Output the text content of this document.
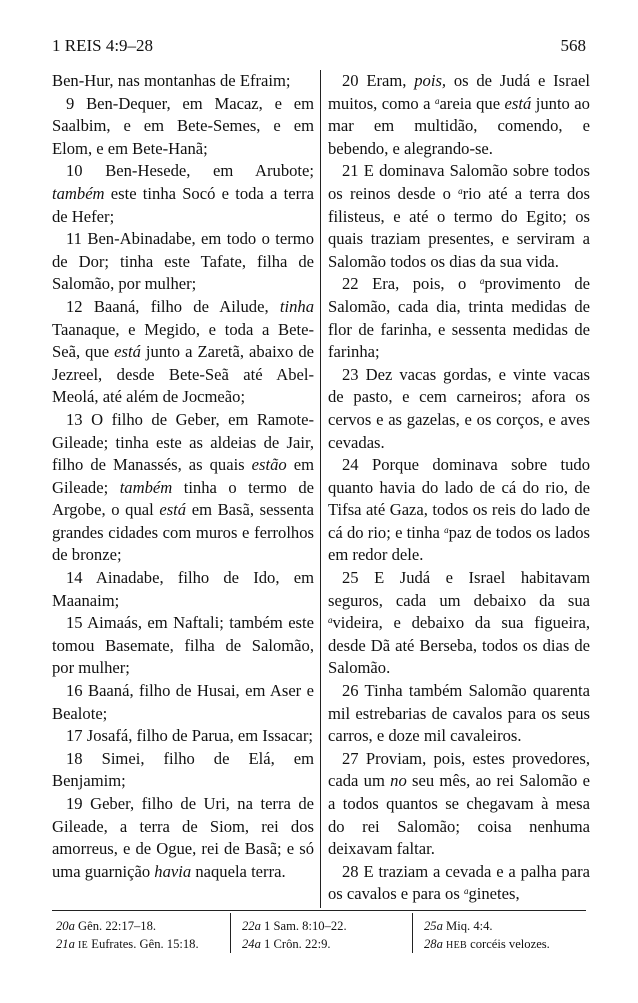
1 REIS 4:9–28	568

Ben-Hur, nas montanhas de Efraim;

9 Ben-Dequer, em Macaz, e em Saalbim, e em Bete-Semes, e em Elom, e em Bete-Hanã;

10 Ben-Hesede, em Arubote; também este tinha Socó e toda a terra de Hefer;

11 Ben-Abinadabe, em todo o termo de Dor; tinha este Tafate, filha de Salomão, por mulher;

12 Baaná, filho de Ailude, tinha Taanaque, e Megido, e toda a Bete-Seã, que está junto a Zaretã, abaixo de Jezreel, desde Bete-Seã até Abel-Meolá, até além de Jocmeão;

13 O filho de Geber, em Ramote-Gileade; tinha este as aldeias de Jair, filho de Manassés, as quais estão em Gileade; também tinha o termo de Argobe, o qual está em Basã, sessenta grandes cidades com muros e ferrolhos de bronze;

14 Ainadabe, filho de Ido, em Maanaim;

15 Aimaás, em Naftali; também este tomou Basemate, filha de Salomão, por mulher;

16 Baaná, filho de Husai, em Aser e Bealote;

17 Josafá, filho de Parua, em Issacar;

18 Simei, filho de Elá, em Benjamim;

19 Geber, filho de Uri, na terra de Gileade, a terra de Siom, rei dos amorreus, e de Ogue, rei de Basã; e só uma guarnição havia naquela terra.

20 Eram, pois, os de Judá e Israel muitos, como a $^a$areia que está junto ao mar em multidão, comendo, e bebendo, e alegrando-se.

21 E dominava Salomão sobre todos os reinos desde o $^a$rio até a terra dos filisteus, e até o termo do Egito; os quais traziam presentes, e serviram a Salomão todos os dias da sua vida.

22 Era, pois, o $^a$provimento de Salomão, cada dia, trinta medidas de flor de farinha, e sessenta medidas de farinha;

23 Dez vacas gordas, e vinte vacas de pasto, e cem carneiros; afora os cervos e as gazelas, e os corços, e aves cevadas.

24 Porque dominava sobre tudo quanto havia do lado de cá do rio, de Tifsa até Gaza, todos os reis do lado de cá do rio; e tinha $^a$paz de todos os lados em redor dele.

25 E Judá e Israel habitavam seguros, cada um debaixo da sua $^a$videira, e debaixo da sua figueira, desde Dã até Berseba, todos os dias de Salomão.

26 Tinha também Salomão quarenta mil estrebarias de cavalos para os seus carros, e doze mil cavaleiros.

27 Proviam, pois, estes provedores, cada um no seu mês, ao rei Salomão e a todos quantos se chegavam à mesa do rei Salomão; coisa nenhuma deixavam faltar.

28 E traziam a cevada e a palha para os cavalos e para os $^a$ginetes,

20a Gên. 22:17–18.
21a IE Eufrates. Gên. 15:18.
22a 1 Sam. 8:10–22.
24a 1 Crôn. 22:9.
25a Miq. 4:4.
28a HEB corcéis velozes.
